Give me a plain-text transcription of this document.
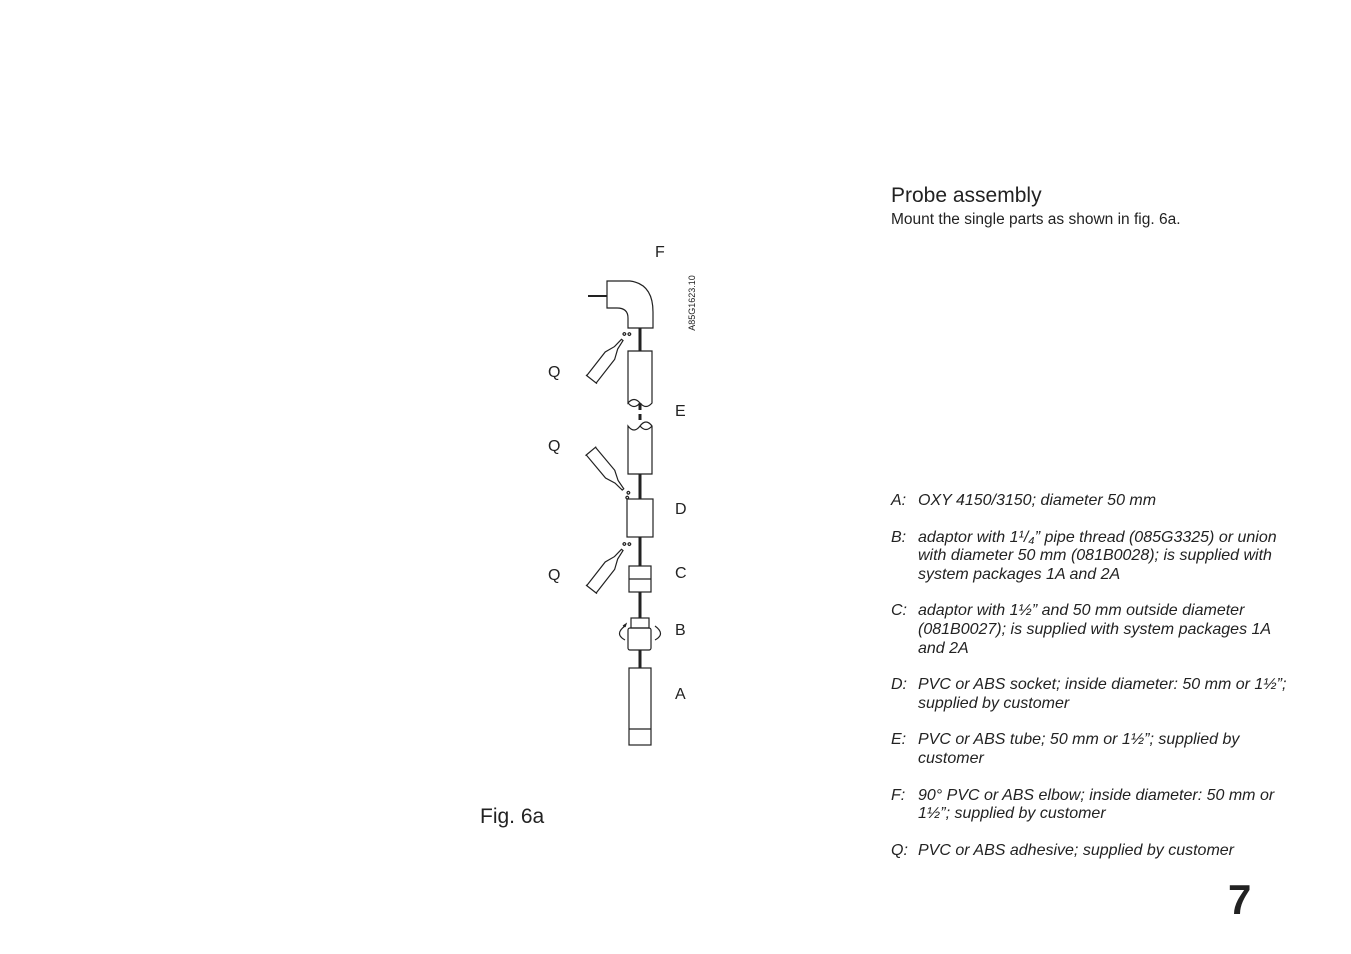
Probe assembly
Mount the single parts as shown in fig. 6a.
F
Q
E
Q
D
Q	C
B
A
A85G1623.10
Fig. 6a
A: OXY 4150/3150; diameter 50 mm
B: adaptor with 1¹/₄” pipe thread (085G3325) or union with diameter 50 mm (081B0028); is supplied with system packages 1A and 2A
C: adaptor with 1½” and 50 mm outside diameter (081B0027); is supplied with system packages 1A and 2A
D: PVC or ABS socket; inside diameter: 50 mm or 1½”; supplied by customer
E: PVC or ABS tube; 50 mm or 1½”; supplied by customer
F: 90° PVC or ABS elbow; inside diameter: 50 mm or 1½”; supplied by customer
Q: PVC or ABS adhesive; supplied by customer
7
